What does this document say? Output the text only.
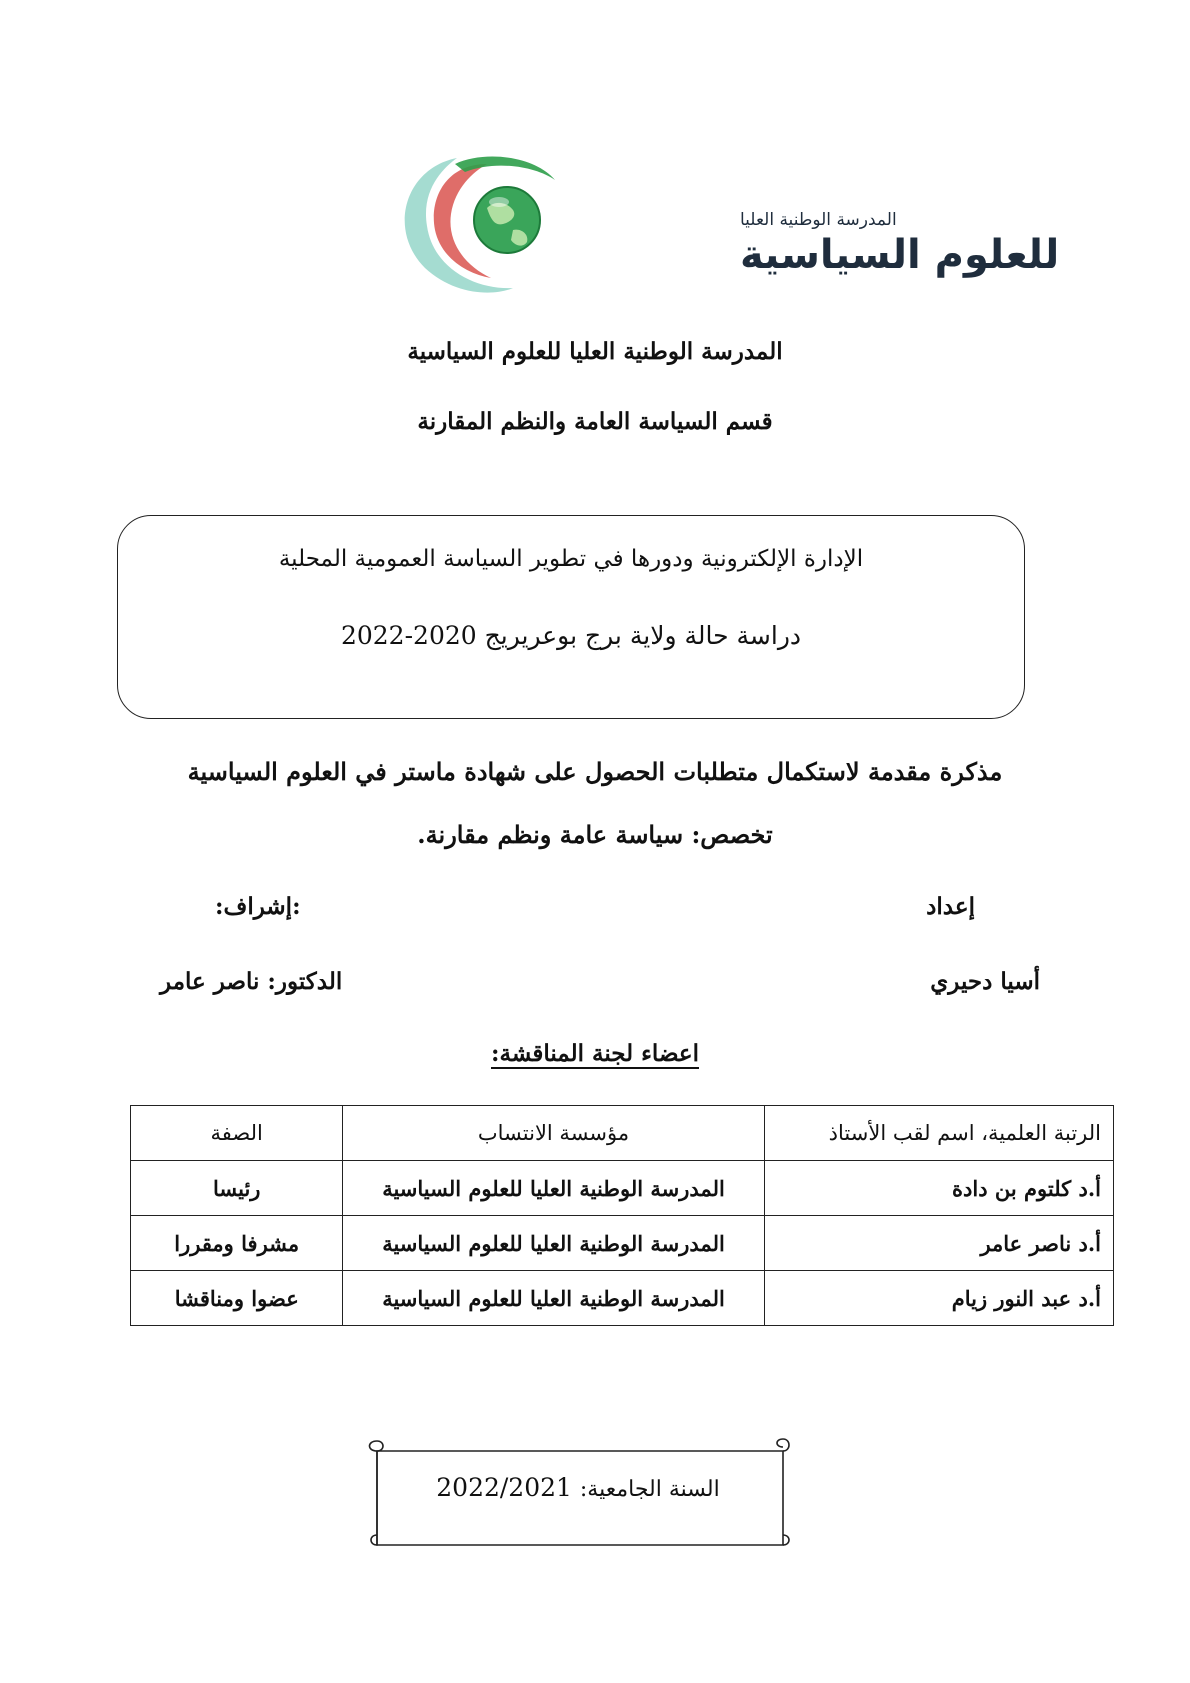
المدرسة الوطنية العليا
للعلوم السياسية
المدرسة الوطنية العليا للعلوم السياسية
قسم السياسة العامة والنظم المقارنة
الإدارة الإلكترونية ودورها في تطوير السياسة العمومية المحلية
دراسة حالة ولاية برج بوعريريج 2022-2020
مذكرة مقدمة لاستكمال متطلبات الحصول على شهادة ماستر في العلوم السياسية
تخصص: سياسة عامة ونظم مقارنة.
إعداد
:إشراف:
أسيا دحيري
الدكتور: ناصر عامر
اعضاء لجنة المناقشة:
الرتبة العلمية، اسم لقب الأستاذ	مؤسسة الانتساب	الصفة
أ.د كلتوم بن دادة	المدرسة الوطنية العليا للعلوم السياسية	رئيسا
أ.د ناصر عامر	المدرسة الوطنية العليا للعلوم السياسية	مشرفا ومقررا
أ.د عبد النور زيام	المدرسة الوطنية العليا للعلوم السياسية	عضوا ومناقشا
السنة الجامعية: 2022/2021
